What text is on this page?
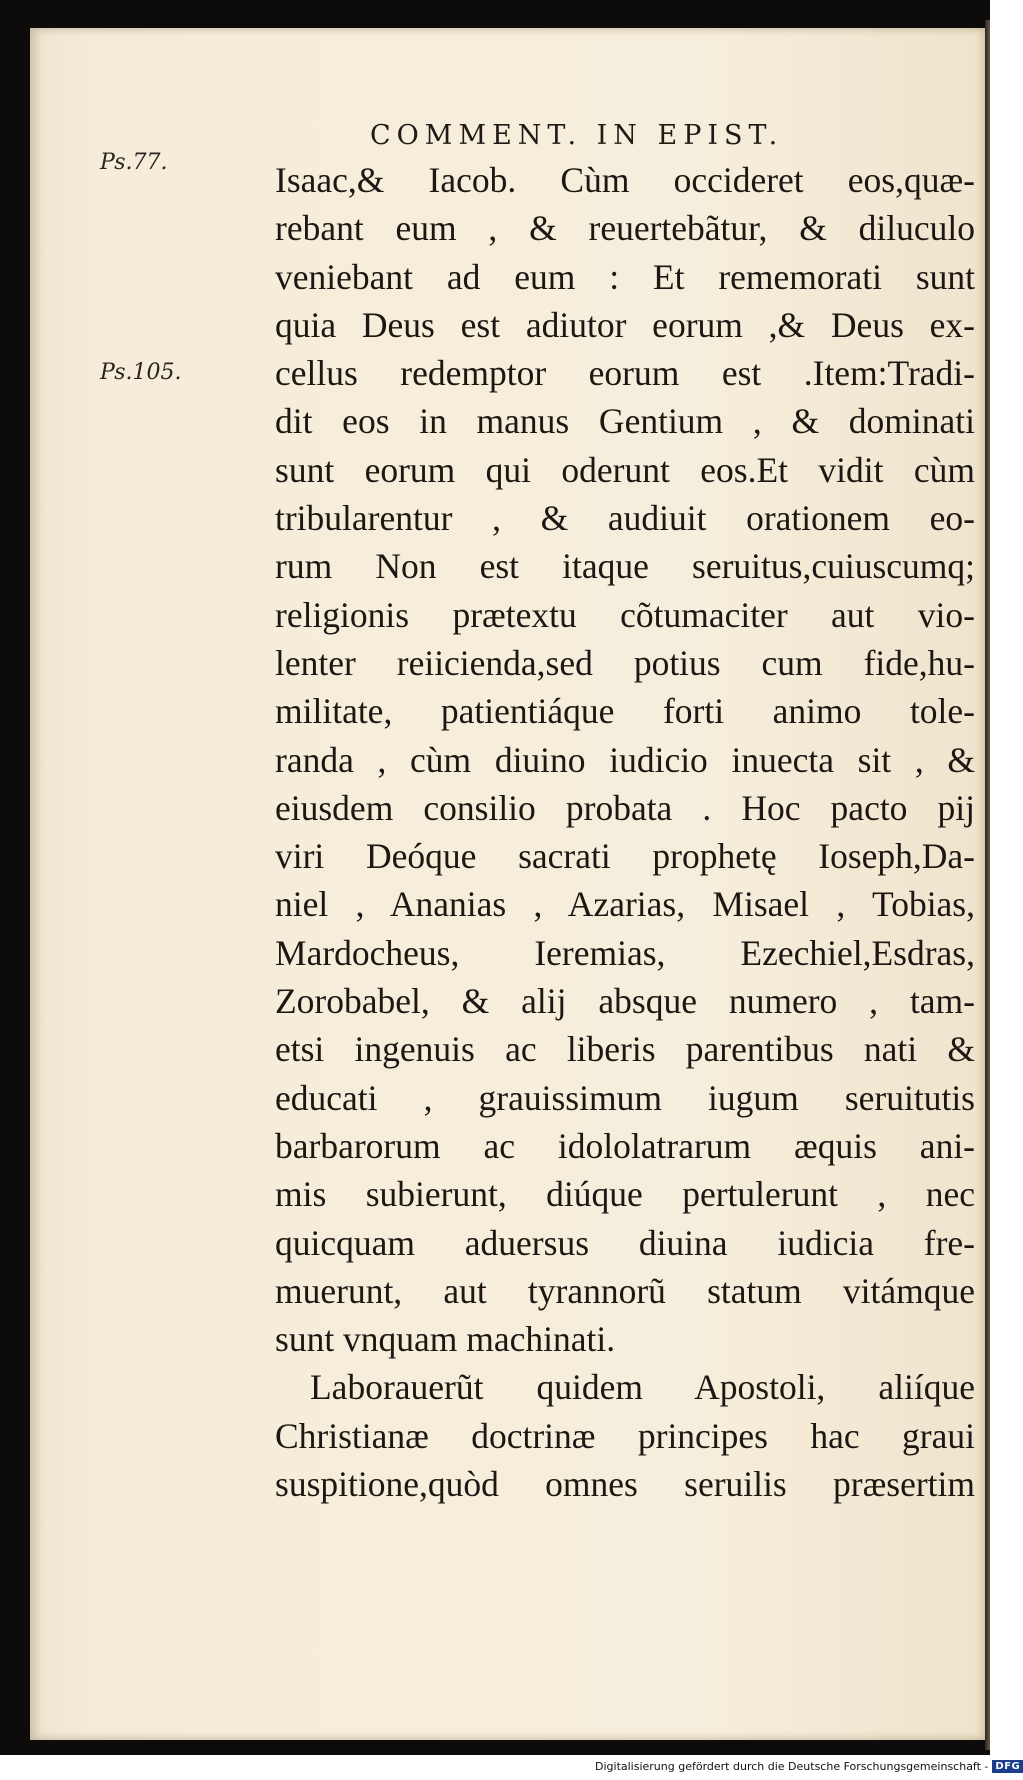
COMMENT. IN EPIST.
Ps.77.
Ps.105.
Isaac,& Iacob. Cùm occideret eos,quæ-
rebant eum , & reuertebãtur, & diluculo
veniebant ad eum : Et rememorati sunt
quia Deus est adiutor eorum ,& Deus ex-
cellus redemptor eorum est .Item:Tradi-
dit eos in manus Gentium , & dominati
sunt eorum qui oderunt eos.Et vidit cùm
tribularentur , & audiuit orationem eo-
rum Non est itaque seruitus,cuiuscumq;
religionis prætextu cõtumaciter aut vio-
lenter reiicienda,sed potius cum fide,hu-
militate, patientiáque forti animo tole-
randa , cùm diuino iudicio inuecta sit , &
eiusdem consilio probata . Hoc pacto pij
viri Deóque sacrati prophetę Ioseph,Da-
niel , Ananias , Azarias, Misael , Tobias,
Mardocheus, Ieremias, Ezechiel,Esdras,
Zorobabel, & alij absque numero , tam-
etsi ingenuis ac liberis parentibus nati &
educati , grauissimum iugum seruitutis
barbarorum ac idololatrarum æquis ani-
mis subierunt, diúque pertulerunt , nec
quicquam aduersus diuina iudicia fre-
muerunt, aut tyrannorũ statum vitámque
sunt vnquam machinati.
Laborauerũt quidem Apostoli, aliíque
Christianæ doctrinæ principes hac graui
suspitione,quòd omnes seruilis præsertim
Digitalisierung gefördert durch die Deutsche Forschungsgemeinschaft - DFG
